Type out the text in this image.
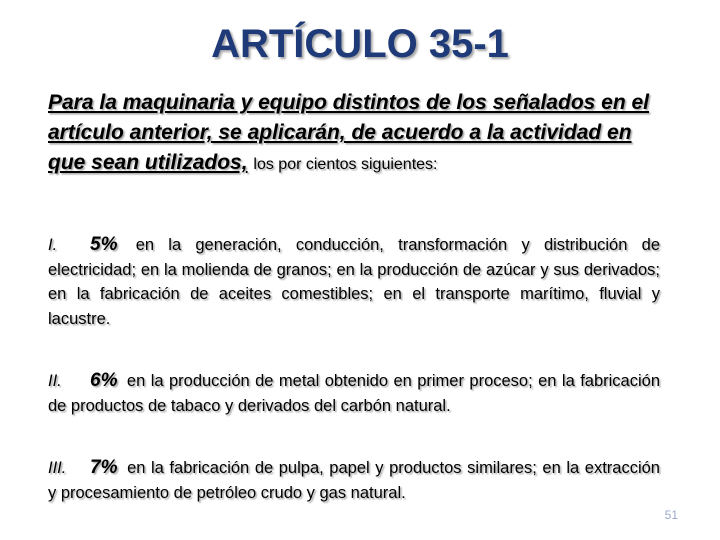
ARTÍCULO 35-1
Para la maquinaria y equipo distintos de los señalados en el artículo anterior, se aplicarán, de acuerdo a la actividad en que sean utilizados, los por cientos siguientes:
I. 5% en la generación, conducción, transformación y distribución de electricidad; en la molienda de granos; en la producción de azúcar y sus derivados; en la fabricación de aceites comestibles; en el transporte marítimo, fluvial y lacustre.
II. 6% en la producción de metal obtenido en primer proceso; en la fabricación de productos de tabaco y derivados del carbón natural.
III. 7% en la fabricación de pulpa, papel y productos similares; en la extracción y procesamiento de petróleo crudo y gas natural.
51
